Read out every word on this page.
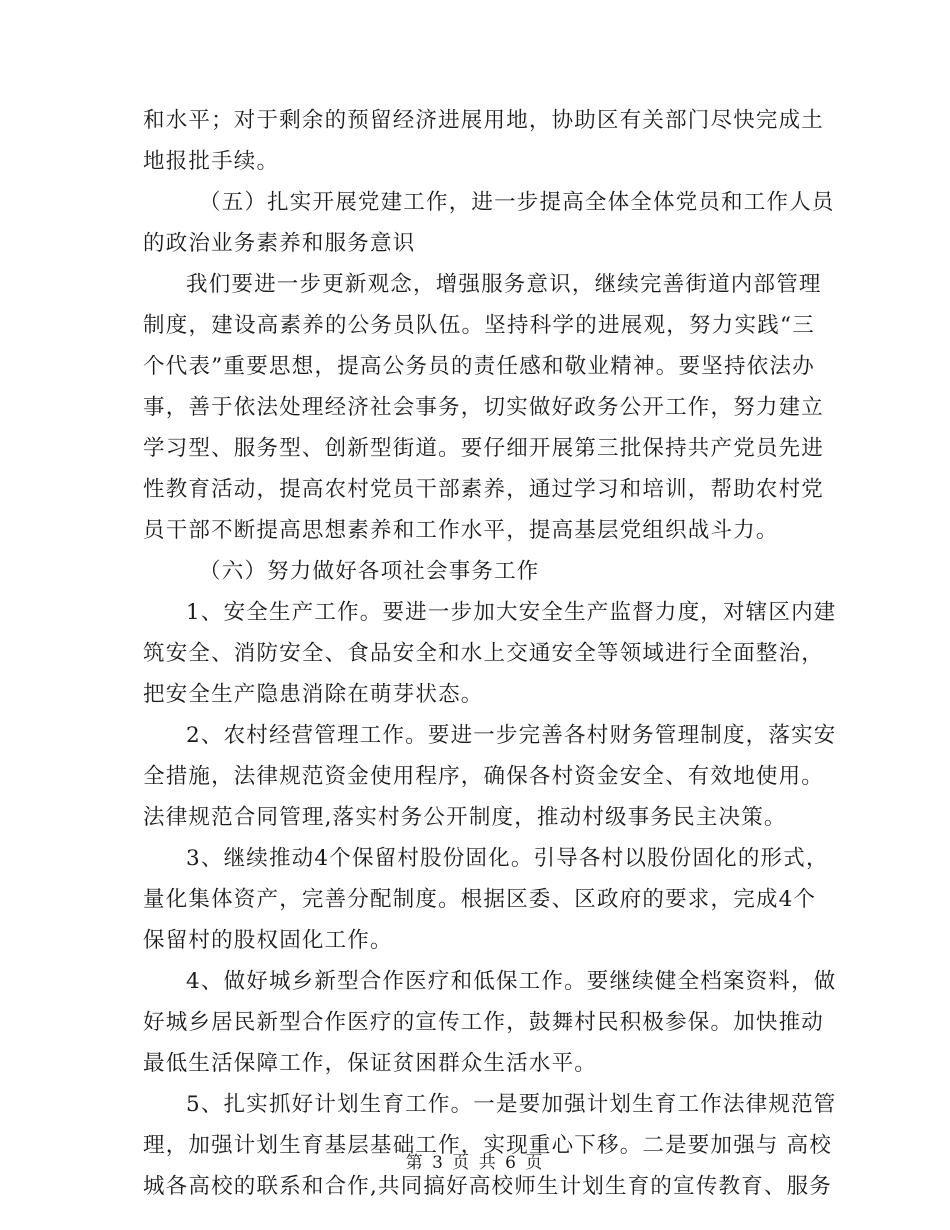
和水平；对于剩余的预留经济进展用地，协助区有关部门尽快完成土
地报批手续。
（五）扎实开展党建工作，进一步提高全体全体党员和工作人员
的政治业务素养和服务意识
我们要进一步更新观念，增强服务意识，继续完善街道内部管理
制度，建设高素养的公务员队伍。坚持科学的进展观，努力实践“三
个代表”重要思想，提高公务员的责任感和敬业精神。要坚持依法办
事，善于依法处理经济社会事务，切实做好政务公开工作，努力建立
学习型、服务型、创新型街道。要仔细开展第三批保持共产党员先进
性教育活动，提高农村党员干部素养，通过学习和培训，帮助农村党
员干部不断提高思想素养和工作水平，提高基层党组织战斗力。
（六）努力做好各项社会事务工作
1、安全生产工作。要进一步加大安全生产监督力度，对辖区内建
筑安全、消防安全、食品安全和水上交通安全等领域进行全面整治，
把安全生产隐患消除在萌芽状态。
2、农村经营管理工作。要进一步完善各村财务管理制度，落实安
全措施，法律规范资金使用程序，确保各村资金安全、有效地使用。
法律规范合同管理,落实村务公开制度，推动村级事务民主决策。
3、继续推动4个保留村股份固化。引导各村以股份固化的形式，
量化集体资产，完善分配制度。根据区委、区政府的要求，完成4个
保留村的股权固化工作。
4、做好城乡新型合作医疗和低保工作。要继续健全档案资料，做
好城乡居民新型合作医疗的宣传工作，鼓舞村民积极参保。加快推动
最低生活保障工作，保证贫困群众生活水平。
5、扎实抓好计划生育工作。一是要加强计划生育工作法律规范管
理，加强计划生育基层基础工作，实现重心下移。二是要加强与 高校
城各高校的联系和合作,共同搞好高校师生计划生育的宣传教育、服务
第 3 页 共 6 页
